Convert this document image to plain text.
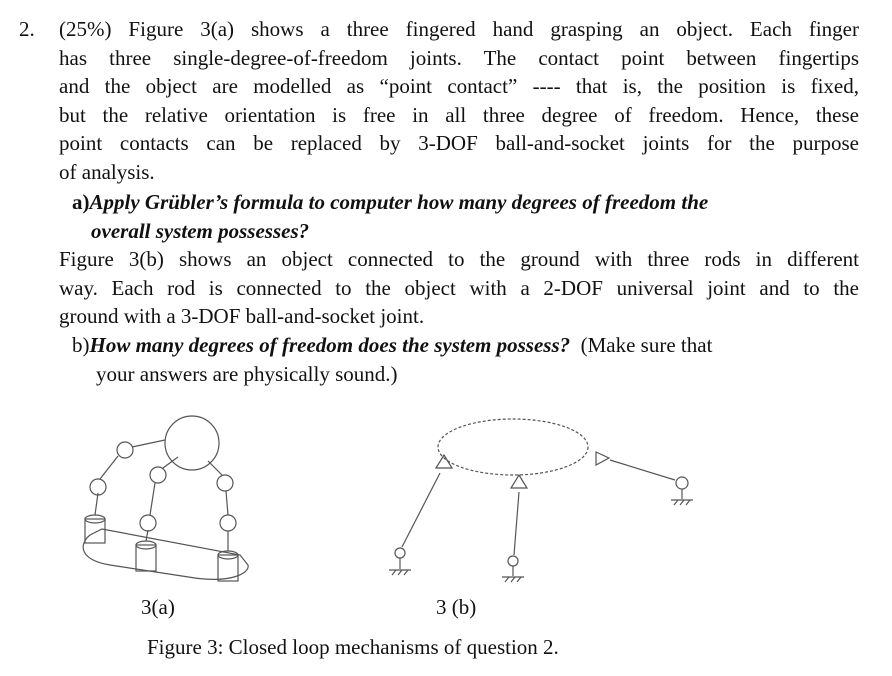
2. (25%) Figure 3(a) shows a three fingered hand grasping an object. Each finger
has three single-degree-of-freedom joints. The contact point between fingertips
and the object are modelled as “point contact” ---- that is, the position is fixed,
but the relative orientation is free in all three degree of freedom. Hence, these
point contacts can be replaced by 3-DOF ball-and-socket joints for the purpose
of analysis.
a)Apply Grübler’s formula to computer how many degrees of freedom the
overall system possesses?
Figure 3(b) shows an object connected to the ground with three rods in different
way. Each rod is connected to the object with a 2-DOF universal joint and to the
ground with a 3-DOF ball-and-socket joint.
b)How many degrees of freedom does the system possess? (Make sure that
your answers are physically sound.)
3(a)	3 (b)
Figure 3: Closed loop mechanisms of question 2.
